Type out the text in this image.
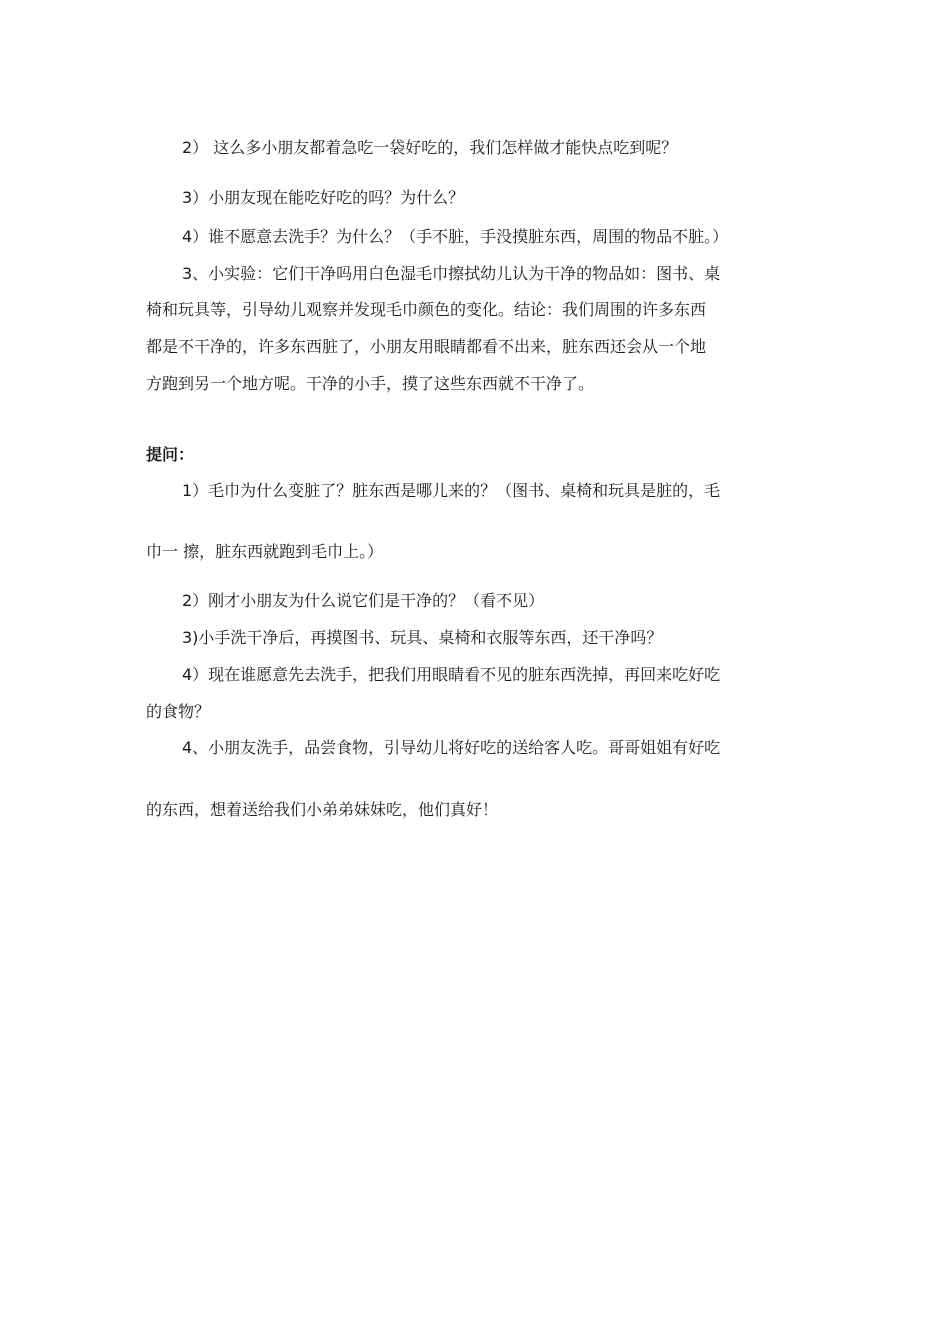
2） 这么多小朋友都着急吃一袋好吃的，我们怎样做才能快点吃到呢？
3）小朋友现在能吃好吃的吗？为什么？
4）谁不愿意去洗手？为什么？（手不脏，手没摸脏东西，周围的物品不脏。）
3、小实验：它们干净吗用白色湿毛巾擦拭幼儿认为干净的物品如：图书、桌
椅和玩具等，引导幼儿观察并发现毛巾颜色的变化。结论：我们周围的许多东西
都是不干净的，许多东西脏了，小朋友用眼睛都看不出来，脏东西还会从一个地
方跑到另一个地方呢。干净的小手，摸了这些东西就不干净了。
提问：
1）毛巾为什么变脏了？脏东西是哪儿来的？（图书、桌椅和玩具是脏的，毛
巾一 擦，脏东西就跑到毛巾上。）
2）刚才小朋友为什么说它们是干净的？（看不见）
3)小手洗干净后，再摸图书、玩具、桌椅和衣服等东西，还干净吗？
4）现在谁愿意先去洗手，把我们用眼睛看不见的脏东西洗掉，再回来吃好吃
的食物？
4、小朋友洗手，品尝食物，引导幼儿将好吃的送给客人吃。哥哥姐姐有好吃
的东西，想着送给我们小弟弟妹妹吃，他们真好！
